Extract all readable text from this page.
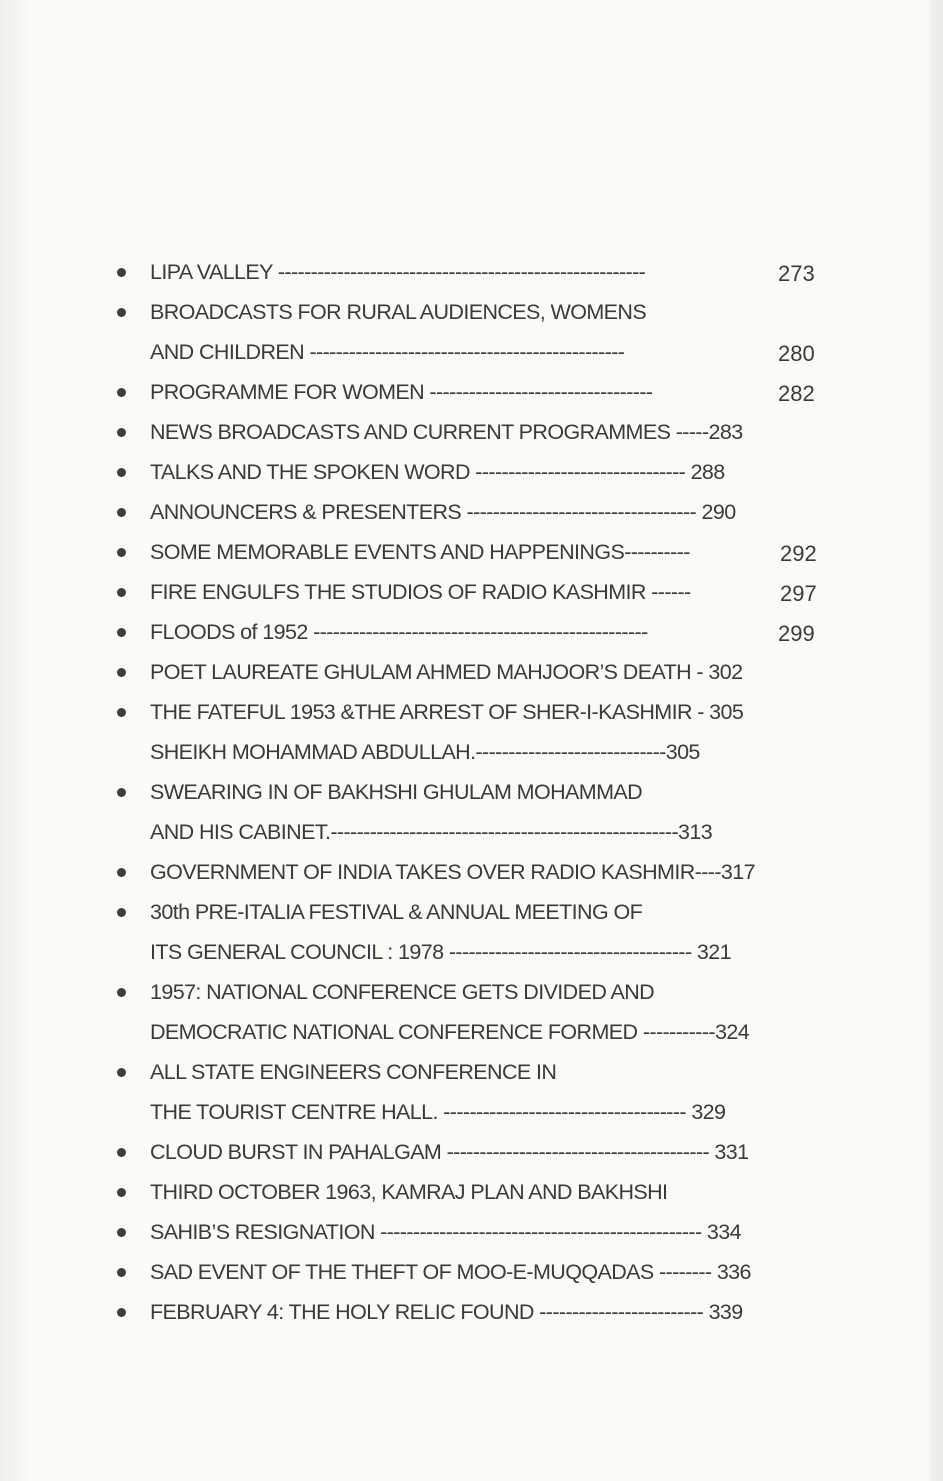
LIPA VALLEY --------------------------------------------------------	273
BROADCASTS FOR RURAL AUDIENCES, WOMENS
AND CHILDREN ------------------------------------------------	280
PROGRAMME FOR WOMEN ----------------------------------	282
NEWS BROADCASTS AND CURRENT PROGRAMMES -----283
TALKS AND THE SPOKEN WORD -------------------------------- 288
ANNOUNCERS & PRESENTERS ----------------------------------- 290
SOME MEMORABLE EVENTS AND HAPPENINGS----------	292
FIRE ENGULFS THE STUDIOS OF RADIO KASHMIR ------	297
FLOODS of 1952 ---------------------------------------------------	299
POET LAUREATE GHULAM AHMED MAHJOOR’S DEATH - 302
THE FATEFUL 1953 &THE ARREST OF SHER-I-KASHMIR - 305
SHEIKH MOHAMMAD ABDULLAH.-----------------------------305
SWEARING IN OF BAKHSHI GHULAM MOHAMMAD
AND HIS CABINET.-----------------------------------------------------313
GOVERNMENT OF INDIA TAKES OVER RADIO KASHMIR----317
30th PRE-ITALIA FESTIVAL & ANNUAL MEETING OF
ITS GENERAL COUNCIL : 1978 ------------------------------------- 321
1957: NATIONAL CONFERENCE GETS DIVIDED AND
DEMOCRATIC NATIONAL CONFERENCE FORMED -----------324
ALL STATE ENGINEERS CONFERENCE IN
THE TOURIST CENTRE HALL. ------------------------------------- 329
CLOUD BURST IN PAHALGAM ---------------------------------------- 331
THIRD OCTOBER 1963, KAMRAJ PLAN AND BAKHSHI
SAHIB’S RESIGNATION ------------------------------------------------- 334
SAD EVENT OF THE THEFT OF MOO-E-MUQQADAS -------- 336
FEBRUARY 4: THE HOLY RELIC FOUND ------------------------- 339
